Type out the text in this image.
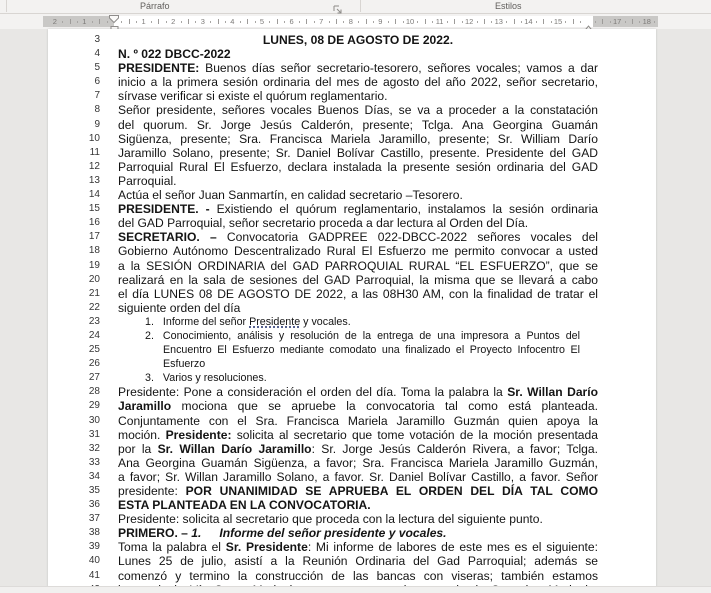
Párrafo	Estilos
2	1	1	2	3	4	5	6	7	8	9	10	11	12	13	14	15	17	18
3	LUNES, 08 DE AGOSTO DE 2022.
4 N. º 022 DBCC-2022
5 PRESIDENTE: Buenos días señor secretario-tesorero, señores vocales; vamos a dar
6 inicio a la primera sesión ordinaria del mes de agosto del año 2022, señor secretario,
7 sírvase verificar si existe el quórum reglamentario.
8 Señor presidente, señores vocales Buenos Días, se va a proceder a la constatación
9 del quorum. Sr. Jorge Jesús Calderón, presente; Tclga. Ana Georgina Guamán
10 Sigüenza, presente; Sra. Francisca Mariela Jaramillo, presente; Sr. William Darío
11 Jaramillo Solano, presente; Sr. Daniel Bolívar Castillo, presente. Presidente del GAD
12 Parroquial Rural El Esfuerzo, declara instalada la presente sesión ordinaria del GAD
13 Parroquial.
14 Actúa el señor Juan Sanmartín, en calidad secretario –Tesorero.
15 PRESIDENTE. - Existiendo el quórum reglamentario, instalamos la sesión ordinaria
16 del GAD Parroquial, señor secretario proceda a dar lectura al Orden del Día.
17 SECRETARIO. – Convocatoria GADPREE 022-DBCC-2022 señores vocales del
18 Gobierno Autónomo Descentralizado Rural El Esfuerzo me permito convocar a usted
19 a la SESIÓN ORDINARIA del GAD PARROQUIAL RURAL “EL ESFUERZO”, que se
20 realizará en la sala de sesiones del GAD Parroquial, la misma que se llevará a cabo
21 el día LUNES 08 DE AGOSTO DE 2022, a las 08H30 AM, con la finalidad de tratar el
22 siguiente orden del día
23	1. Informe del señor Presidente y vocales.
24	2. Conocimiento, análisis y resolución de la entrega de una impresora a Puntos del
25	Encuentro El Esfuerzo mediante comodato una finalizado el Proyecto Infocentro El
26	Esfuerzo
27	3. Varios y resoluciones.
28 Presidente: Pone a consideración el orden del día. Toma la palabra la Sr. Willan Darío
29 Jaramillo mociona que se apruebe la convocatoria tal como está planteada.
30 Conjuntamente con el Sra. Francisca Mariela Jaramillo Guzmán quien apoya la
31 moción. Presidente: solicita al secretario que tome votación de la moción presentada
32 por la Sr. Willan Darío Jaramillo: Sr. Jorge Jesús Calderón Rivera, a favor; Tclga.
33 Ana Georgina Guamán Sigüenza, a favor; Sra. Francisca Mariela Jaramillo Guzmán,
34 a favor; Sr. Willan Jaramillo Solano, a favor. Sr. Daniel Bolívar Castillo, a favor. Señor
35 presidente: POR UNANIMIDAD SE APRUEBA EL ORDEN DEL DÍA TAL COMO
36 ESTA PLANTEADA EN LA CONVOCATORIA.
37 Presidente: solicita al secretario que proceda con la lectura del siguiente punto.
38 PRIMERO. – 1. Informe del señor presidente y vocales.
39 Toma la palabra el Sr. Presidente: Mi informe de labores de este mes es el siguiente:
40 Lunes 25 de julio, asistí a la Reunión Ordinaria del Gad Parroquial; además se
41 comenzó y termino la construcción de las bancas con viseras; también estamos
